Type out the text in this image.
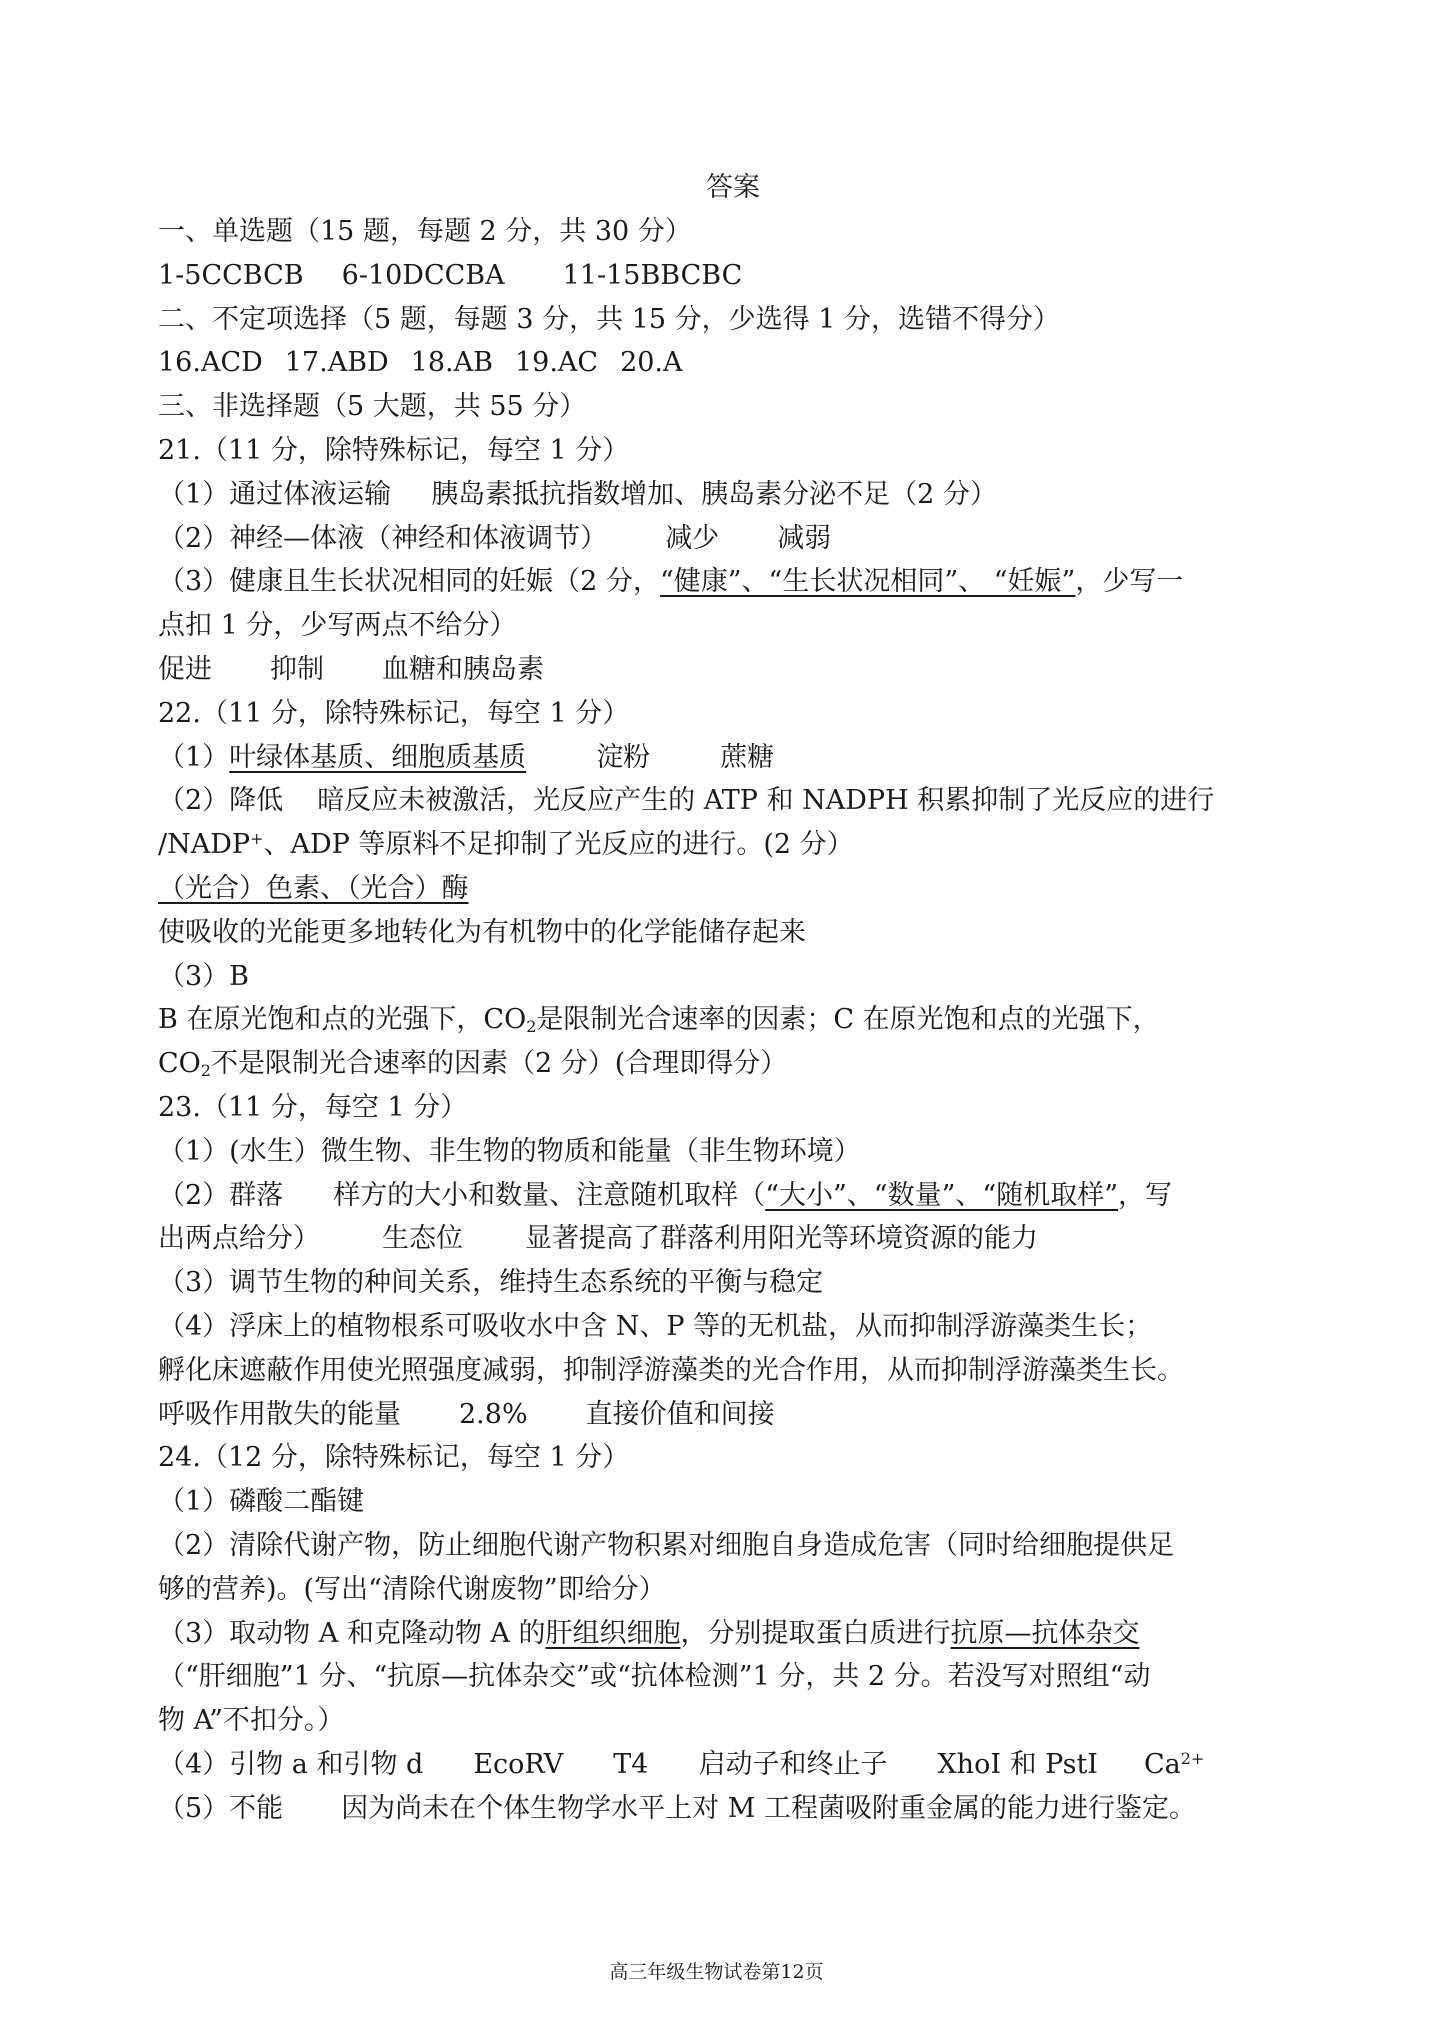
答案
一、单选题（15 题，每题 2 分，共 30 分）
1-5CCBCB 6-10DCCBA 11-15BBCBC
二、不定项选择（5 题，每题 3 分，共 15 分，少选得 1 分，选错不得分）
16.ACD 17.ABD 18.AB 19.AC 20.A
三、非选择题（5 大题，共 55 分）
21.（11 分，除特殊标记，每空 1 分）
（1）通过体液运输 胰岛素抵抗指数增加、胰岛素分泌不足（2 分）
（2）神经—体液（神经和体液调节） 减少 减弱
（3）健康且生长状况相同的妊娠（2 分，“健康”、“生长状况相同”、 “妊娠”，少写一
点扣 1 分，少写两点不给分）
促进 抑制 血糖和胰岛素
22.（11 分，除特殊标记，每空 1 分）
（1）叶绿体基质、细胞质基质	淀粉	蔗糖
（2）降低 暗反应未被激活，光反应产生的 ATP 和 NADPH 积累抑制了光反应的进行
/NADP+、ADP 等原料不足抑制了光反应的进行。(2 分）
（光合）色素、（光合）酶
使吸收的光能更多地转化为有机物中的化学能储存起来
（3）B
B 在原光饱和点的光强下，$CO_2$是限制光合速率的因素；C 在原光饱和点的光强下，
$CO_2$不是限制光合速率的因素（2 分）(合理即得分）
23.（11 分，每空 1 分）
（1）(水生）微生物、非生物的物质和能量（非生物环境）
（2）群落 样方的大小和数量、注意随机取样（“大小”、“数量”、“随机取样”，写
出两点给分） 生态位 显著提高了群落利用阳光等环境资源的能力
（3）调节生物的种间关系，维持生态系统的平衡与稳定
（4）浮床上的植物根系可吸收水中含 N、P 等的无机盐，从而抑制浮游藻类生长；
孵化床遮蔽作用使光照强度减弱，抑制浮游藻类的光合作用，从而抑制浮游藻类生长。
呼吸作用散失的能量 2.8% 直接价值和间接
24.（12 分，除特殊标记，每空 1 分）
（1）磷酸二酯键
（2）清除代谢产物，防止细胞代谢产物积累对细胞自身造成危害（同时给细胞提供足
够的营养)。(写出“清除代谢废物”即给分）
（3）取动物 A 和克隆动物 A 的肝组织细胞，分别提取蛋白质进行抗原—抗体杂交
（“肝细胞”1 分、“抗原—抗体杂交”或“抗体检测”1 分，共 2 分。若没写对照组“动
物 A”不扣分。）
（4）引物 a 和引物 d EcoRV T4 启动子和终止子 XhoI 和 PstI $Ca^{2+}$
（5）不能 因为尚未在个体生物学水平上对 M 工程菌吸附重金属的能力进行鉴定。
高三年级生物试卷第12页
